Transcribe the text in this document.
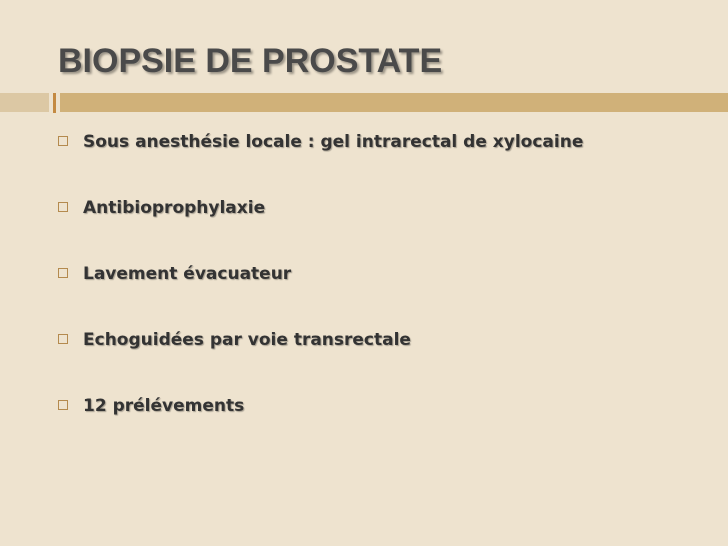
BIOPSIE DE PROSTATE
Sous anesthésie locale : gel intrarectal de xylocaine
Antibioprophylaxie
Lavement évacuateur
Echoguidées par voie transrectale
12 prélévements
